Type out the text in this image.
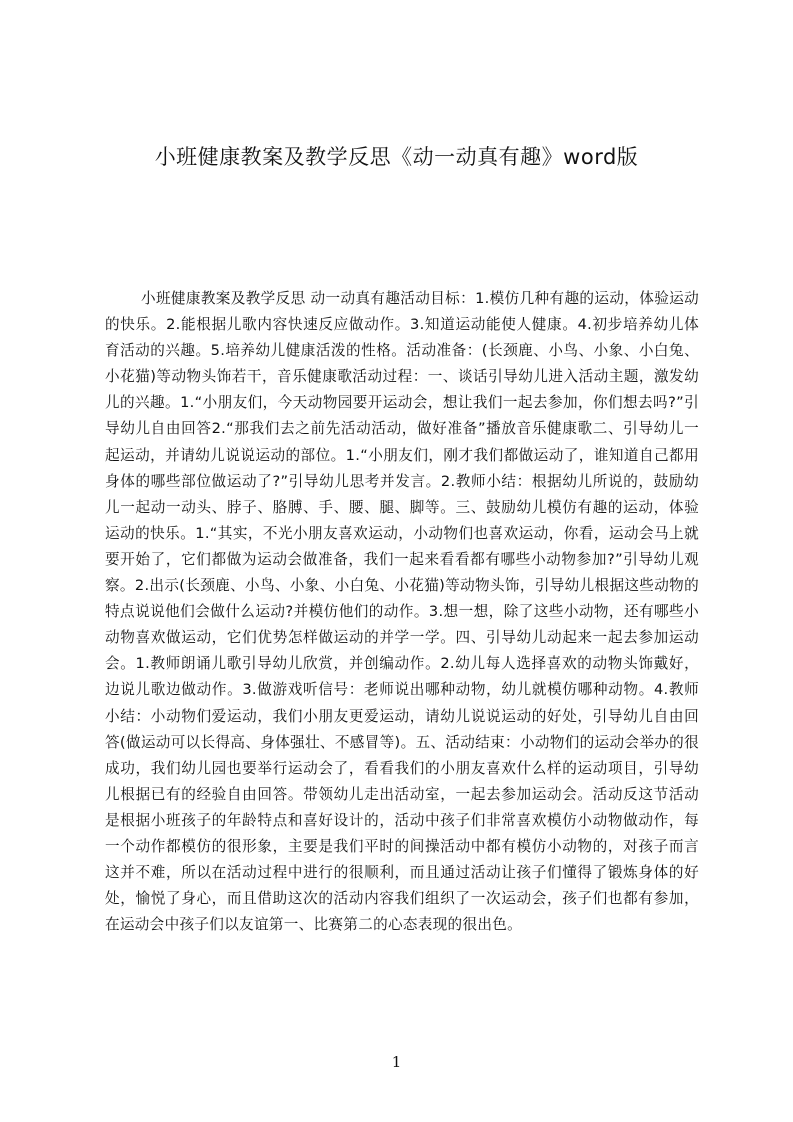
小班健康教案及教学反思《动一动真有趣》word版

小班健康教案及教学反思 动一动真有趣活动目标：1.模仿几种有趣的运动，体验运动的快乐。2.能根据儿歌内容快速反应做动作。3.知道运动能使人健康。4.初步培养幼儿体育活动的兴趣。5.培养幼儿健康活泼的性格。活动准备：(长颈鹿、小鸟、小象、小白兔、小花猫)等动物头饰若干，音乐健康歌活动过程：一、谈话引导幼儿进入活动主题，激发幼儿的兴趣。1.“小朋友们，今天动物园要开运动会，想让我们一起去参加，你们想去吗?”引导幼儿自由回答2.“那我们去之前先活动活动，做好准备”播放音乐健康歌二、引导幼儿一起运动，并请幼儿说说运动的部位。1.“小朋友们，刚才我们都做运动了，谁知道自己都用身体的哪些部位做运动了?”引导幼儿思考并发言。2.教师小结：根据幼儿所说的，鼓励幼儿一起动一动头、脖子、胳膊、手、腰、腿、脚等。三、鼓励幼儿模仿有趣的运动，体验运动的快乐。1.“其实，不光小朋友喜欢运动，小动物们也喜欢运动，你看，运动会马上就要开始了，它们都做为运动会做准备，我们一起来看看都有哪些小动物参加?”引导幼儿观察。2.出示(长颈鹿、小鸟、小象、小白兔、小花猫)等动物头饰，引导幼儿根据这些动物的特点说说他们会做什么运动?并模仿他们的动作。3.想一想，除了这些小动物，还有哪些小动物喜欢做运动，它们优势怎样做运动的并学一学。四、引导幼儿动起来一起去参加运动会。1.教师朗诵儿歌引导幼儿欣赏，并创编动作。2.幼儿每人选择喜欢的动物头饰戴好，边说儿歌边做动作。3.做游戏听信号：老师说出哪种动物，幼儿就模仿哪种动物。4.教师小结：小动物们爱运动，我们小朋友更爱运动，请幼儿说说运动的好处，引导幼儿自由回答(做运动可以长得高、身体强壮、不感冒等)。五、活动结束：小动物们的运动会举办的很成功，我们幼儿园也要举行运动会了，看看我们的小朋友喜欢什么样的运动项目，引导幼儿根据已有的经验自由回答。带领幼儿走出活动室，一起去参加运动会。活动反这节活动是根据小班孩子的年龄特点和喜好设计的，活动中孩子们非常喜欢模仿小动物做动作，每一个动作都模仿的很形象，主要是我们平时的间操活动中都有模仿小动物的，对孩子而言这并不难，所以在活动过程中进行的很顺利，而且通过活动让孩子们懂得了锻炼身体的好处，愉悦了身心，而且借助这次的活动内容我们组织了一次运动会，孩子们也都有参加，在运动会中孩子们以友谊第一、比赛第二的心态表现的很出色。

1
